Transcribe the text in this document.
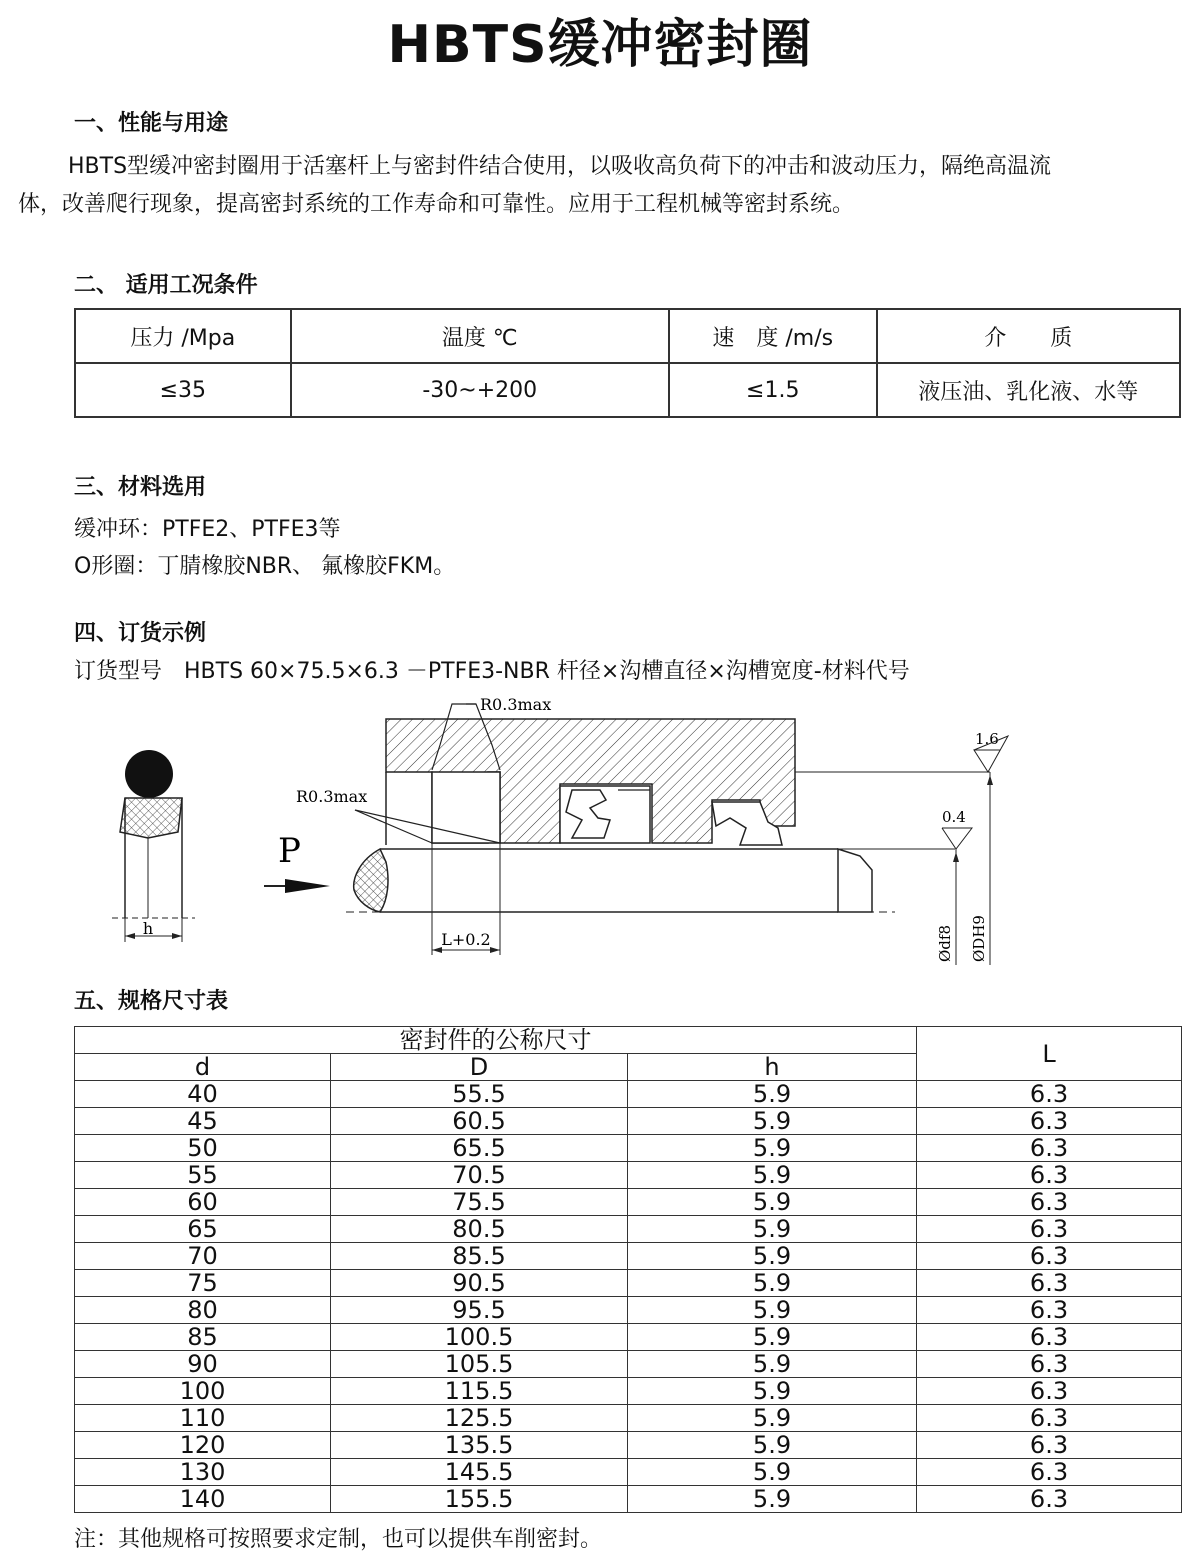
HBTS缓冲密封圈
一、性能与用途
HBTS型缓冲密封圈用于活塞杆上与密封件结合使用，以吸收高负荷下的冲击和波动压力，隔绝高温流
体，改善爬行现象，提高密封系统的工作寿命和可靠性。应用于工程机械等密封系统。
二、 适用工况条件
压力 /Mpa	温度 ℃	速　度 /m/s	介　　质
≤35	-30~+200	≤1.5	液压油、乳化液、水等
三、材料选用
缓冲环：PTFE2、PTFE3等
O形圈：丁腈橡胶NBR、 氟橡胶FKM。
四、订货示例
订货型号　HBTS 60×75.5×6.3 －PTFE3-NBR 杆径×沟槽直径×沟槽宽度-材料代号
h
P
R0.3max
R0.3max
L+0.2
1.6
0.4
Ødf8 ØDH9
五、规格尺寸表
密封件的公称尺寸			L
d	D	h	
40	55.5	5.9	6.3
45	60.5	5.9	6.3
50	65.5	5.9	6.3
55	70.5	5.9	6.3
60	75.5	5.9	6.3
65	80.5	5.9	6.3
70	85.5	5.9	6.3
75	90.5	5.9	6.3
80	95.5	5.9	6.3
85	100.5	5.9	6.3
90	105.5	5.9	6.3
100	115.5	5.9	6.3
110	125.5	5.9	6.3
120	135.5	5.9	6.3
130	145.5	5.9	6.3
140	155.5	5.9	6.3
注：其他规格可按照要求定制，也可以提供车削密封。
